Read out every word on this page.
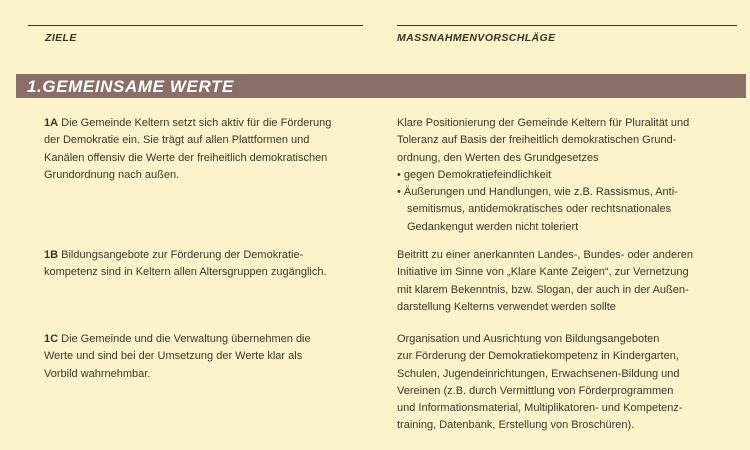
ZIELE	MASSNAHMENVORSCHLÄGE
1.GEMEINSAME WERTE
1A Die Gemeinde Keltern setzt sich aktiv für die Förderung
der Demokratie ein. Sie trägt auf allen Plattformen und
Kanälen offensiv die Werte der freiheitlich demokratischen
Grundordnung nach außen.
Klare Positionierung der Gemeinde Keltern für Pluralität und
Toleranz auf Basis der freiheitlich demokratischen Grund-
ordnung, den Werten des Grundgesetzes
• gegen Demokratiefeindlichkeit
• Äußerungen und Handlungen, wie z.B. Rassismus, Anti-
semitismus, antidemokratisches oder rechtsnationales
Gedankengut werden nicht toleriert
1B Bildungsangebote zur Förderung der Demokratie-
kompetenz sind in Keltern allen Altersgruppen zugänglich.
Beitritt zu einer anerkannten Landes-, Bundes- oder anderen
Initiative im Sinne von „Klare Kante Zeigen“, zur Vernetzung
mit klarem Bekenntnis, bzw. Slogan, der auch in der Außen-
darstellung Kelterns verwendet werden sollte
1C Die Gemeinde und die Verwaltung übernehmen die
Werte und sind bei der Umsetzung der Werte klar als
Vorbild wahrnehmbar.
Organisation und Ausrichtung von Bildungsangeboten
zur Förderung der Demokratiekompetenz in Kindergarten,
Schulen, Jugendeinrichtungen, Erwachsenen-Bildung und
Vereinen (z.B. durch Vermittlung von Förderprogrammen
und Informationsmaterial, Multiplikatoren- und Kompetenz-
training, Datenbank, Erstellung von Broschüren).
